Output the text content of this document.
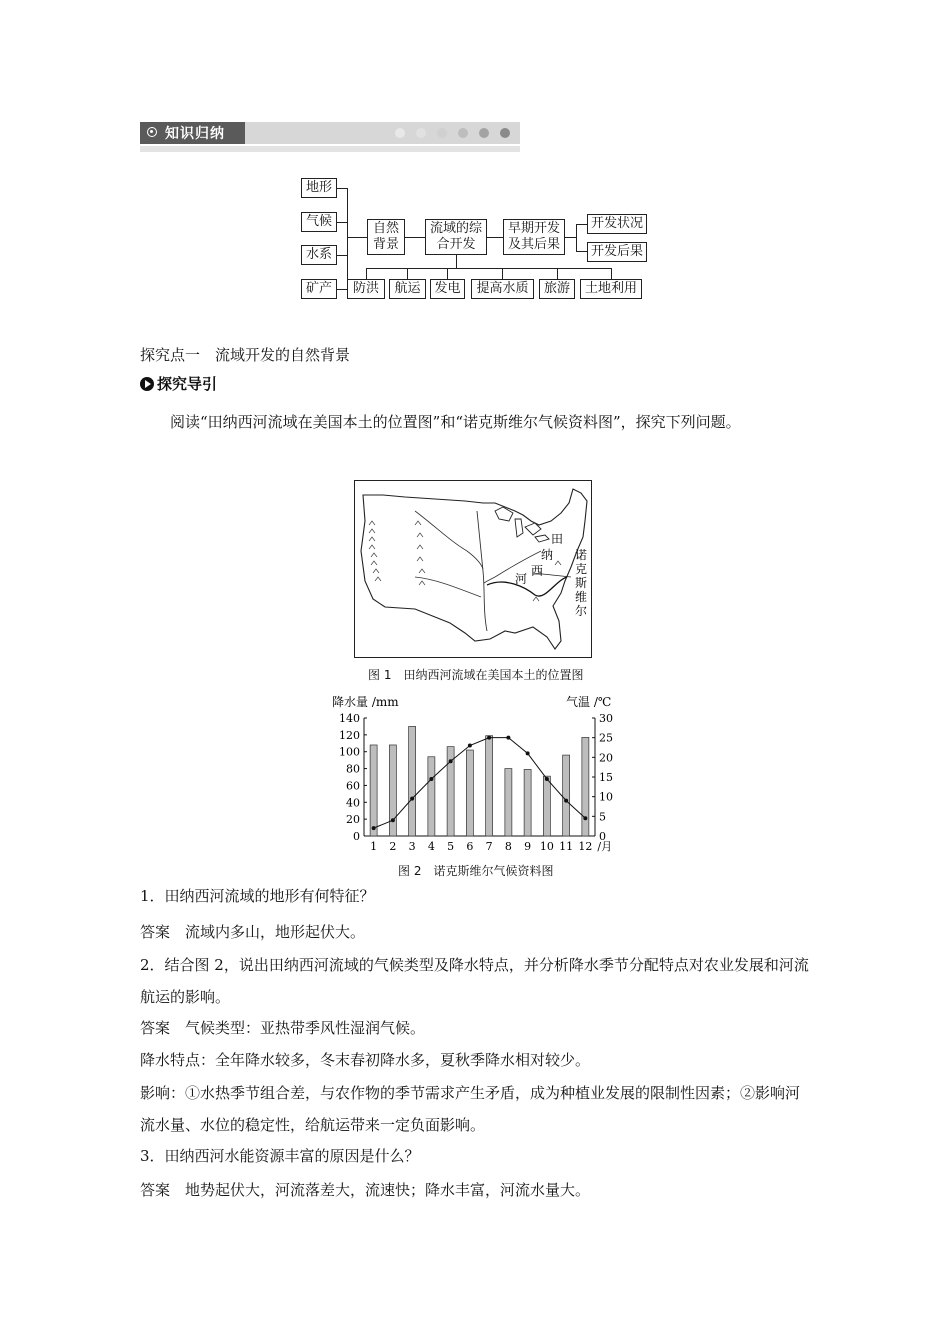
知识归纳
地形
气候
水系
矿产
自然背景
流域的综合开发
早期开发及其后果
开发状况
开发后果
防洪	航运	发电	提高水质	旅游	土地利用
探究点一　流域开发的自然背景
探究导引
阅读“田纳西河流域在美国本土的位置图”和“诺克斯维尔气候资料图”，探究下列问题。
田
纳
西
河
诺
克
斯
维
尔
图 1　田纳西河流域在美国本土的位置图
降水量 /mm	气温 /℃
0
20
40
60
80
100
120
140
0
5
10
15
20
25
30
1 2 3 4 5 6 7 8 9 10 11 12 /月
图 2　诺克斯维尔气候资料图
1．田纳西河流域的地形有何特征？
答案　流域内多山，地形起伏大。
2．结合图 2，说出田纳西河流域的气候类型及降水特点，并分析降水季节分配特点对农业发展和河流航运的影响。
答案　气候类型：亚热带季风性湿润气候。
降水特点：全年降水较多，冬末春初降水多，夏秋季降水相对较少。
影响：①水热季节组合差，与农作物的季节需求产生矛盾，成为种植业发展的限制性因素；②影响河流水量、水位的稳定性，给航运带来一定负面影响。
3．田纳西河水能资源丰富的原因是什么？
答案　地势起伏大，河流落差大，流速快；降水丰富，河流水量大。
